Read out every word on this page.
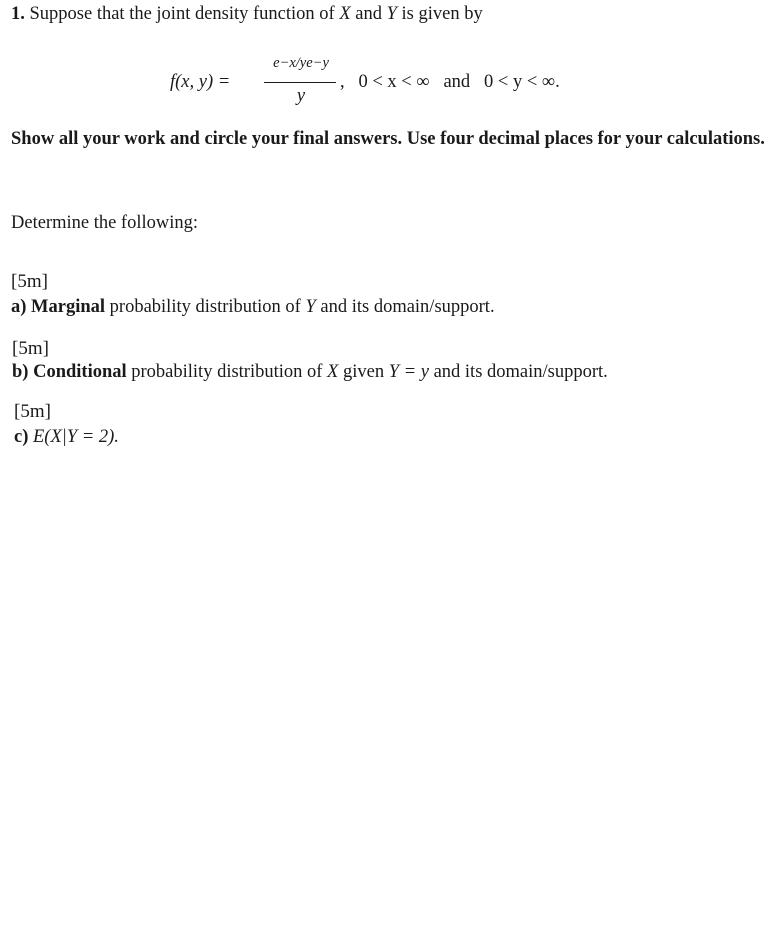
1. Suppose that the joint density function of X and Y is given by
f(x, y) =
e−x/ye−y
y
,   0 < x < ∞ and 0 < y < ∞.
Show all your work and circle your final answers. Use four decimal places for your calculations.
Determine the following:
[5m]
a) Marginal probability distribution of Y and its domain/support.
[5m]
b) Conditional probability distribution of X given Y = y and its domain/support.
[5m]
c) E(X|Y = 2).
